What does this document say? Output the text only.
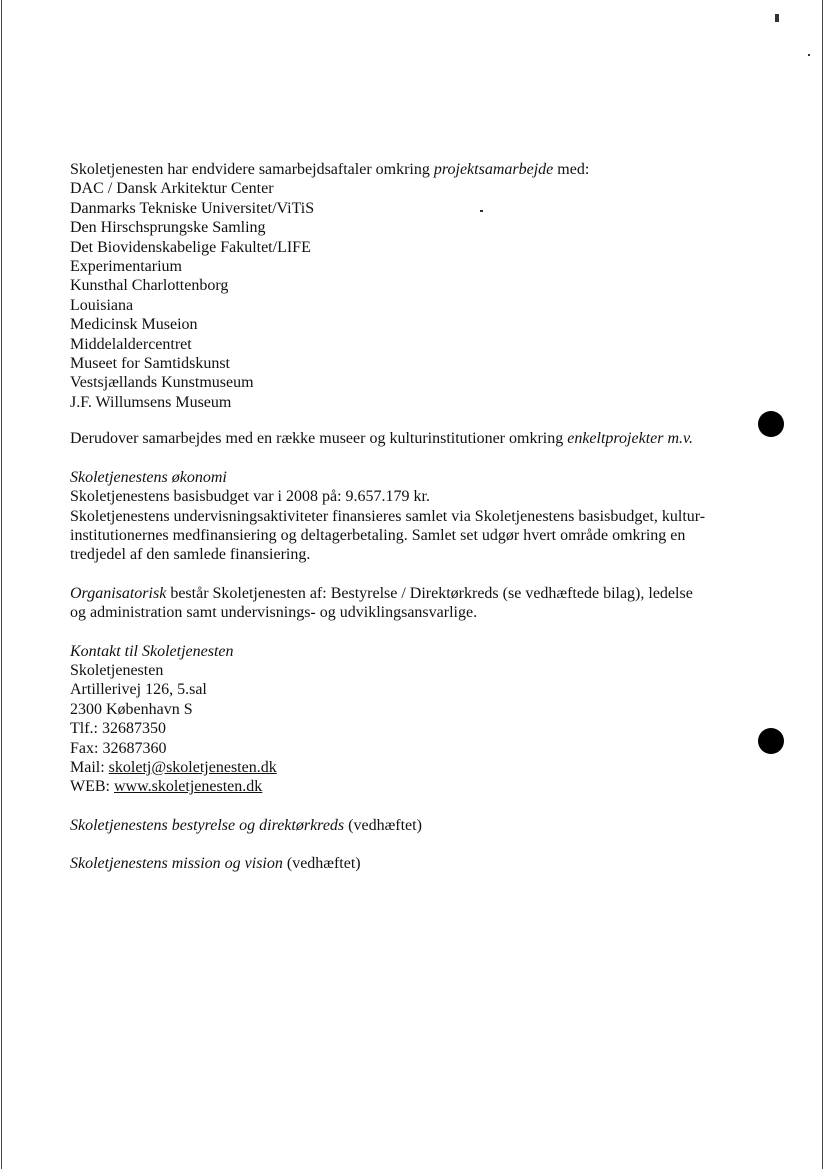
Skoletjenesten har endvidere samarbejdsaftaler omkring projektsamarbejde med:

DAC / Dansk Arkitektur Center

Danmarks Tekniske Universitet/ViTiS

Den Hirschsprungske Samling

Det Biovidenskabelige Fakultet/LIFE

Experimentarium

Kunsthal Charlottenborg

Louisiana

Medicinsk Museion

Middelaldercentret

Museet for Samtidskunst

Vestsjællands Kunstmuseum

J.F. Willumsens Museum

Derudover samarbejdes med en række museer og kulturinstitutioner omkring enkeltprojekter m.v.

Skoletjenestens økonomi

Skoletjenestens basisbudget var i 2008 på: 9.657.179 kr.

Skoletjenestens undervisningsaktiviteter finansieres samlet via Skoletjenestens basisbudget, kultur-

institutionernes medfinansiering og deltagerbetaling. Samlet set udgør hvert område omkring en

tredjedel af den samlede finansiering.

Organisatorisk består Skoletjenesten af: Bestyrelse / Direktørkreds (se vedhæftede bilag), ledelse

og administration samt undervisnings- og udviklingsansvarlige.

Kontakt til Skoletjenesten

Skoletjenesten

Artillerivej 126, 5.sal

2300 København S

Tlf.: 32687350

Fax: 32687360

Mail: skoletj@skoletjenesten.dk

WEB: www.skoletjenesten.dk

Skoletjenestens bestyrelse og direktørkreds (vedhæftet)

Skoletjenestens mission og vision (vedhæftet)
